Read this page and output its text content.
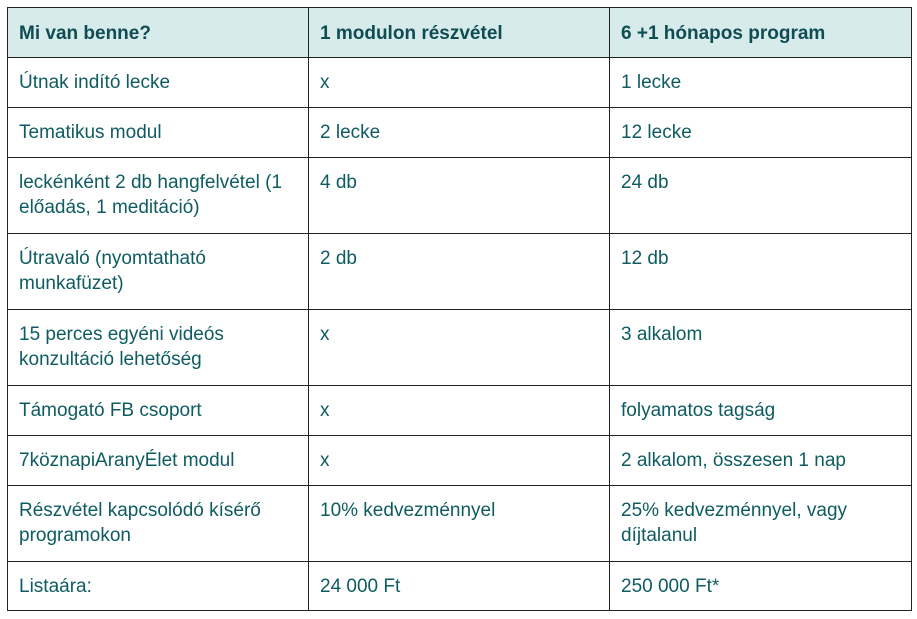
Mi van benne?	1 modulon részvétel	6 +1 hónapos program
Útnak indító lecke	x	1 lecke
Tematikus modul	2 lecke	12 lecke
leckénként 2 db hangfelvétel (1 előadás, 1 meditáció)	4 db	24 db
Útravaló (nyomtatható munkafüzet)	2 db	12 db
15 perces egyéni videós konzultáció lehetőség	x	3 alkalom
Támogató FB csoport	x	folyamatos tagság
7köznapiAranyÉlet modul	x	2 alkalom, összesen 1 nap
Részvétel kapcsolódó kísérő programokon	10% kedvezménnyel	25% kedvezménnyel, vagy díjtalanul
Listaára:	24 000 Ft	250 000 Ft*
